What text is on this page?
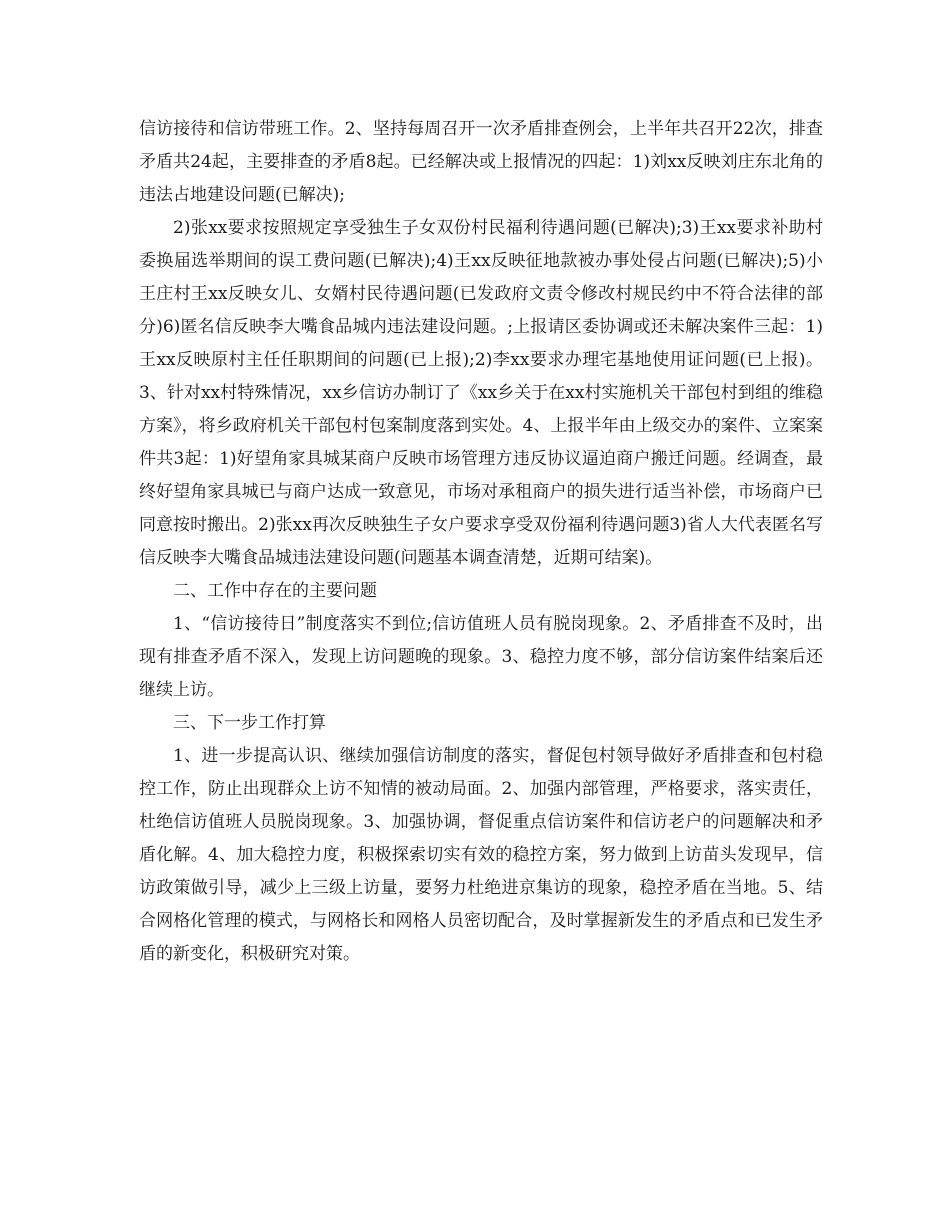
信访接待和信访带班工作。2、坚持每周召开一次矛盾排查例会，上半年共召开22次，排查矛盾共24起，主要排查的矛盾8起。已经解决或上报情况的四起：1)刘xx反映刘庄东北角的违法占地建设问题(已解决);

2)张xx要求按照规定享受独生子女双份村民福利待遇问题(已解决);3)王xx要求补助村委换届选举期间的误工费问题(已解决);4)王xx反映征地款被办事处侵占问题(已解决);5)小王庄村王xx反映女儿、女婿村民待遇问题(已发政府文责令修改村规民约中不符合法律的部分)6)匿名信反映李大嘴食品城内违法建设问题。;上报请区委协调或还未解决案件三起：1)王xx反映原村主任任职期间的问题(已上报);2)李xx要求办理宅基地使用证问题(已上报)。3、针对xx村特殊情况，xx乡信访办制订了《xx乡关于在xx村实施机关干部包村到组的维稳方案》，将乡政府机关干部包村包案制度落到实处。4、上报半年由上级交办的案件、立案案件共3起：1)好望角家具城某商户反映市场管理方违反协议逼迫商户搬迁问题。经调查，最终好望角家具城已与商户达成一致意见，市场对承租商户的损失进行适当补偿，市场商户已同意按时搬出。2)张xx再次反映独生子女户要求享受双份福利待遇问题3)省人大代表匿名写信反映李大嘴食品城违法建设问题(问题基本调查清楚，近期可结案)。

二、工作中存在的主要问题

1、“信访接待日”制度落实不到位;信访值班人员有脱岗现象。2、矛盾排查不及时，出现有排查矛盾不深入，发现上访问题晚的现象。3、稳控力度不够，部分信访案件结案后还继续上访。

三、下一步工作打算

1、进一步提高认识、继续加强信访制度的落实，督促包村领导做好矛盾排查和包村稳控工作，防止出现群众上访不知情的被动局面。2、加强内部管理，严格要求，落实责任，杜绝信访值班人员脱岗现象。3、加强协调，督促重点信访案件和信访老户的问题解决和矛盾化解。4、加大稳控力度，积极探索切实有效的稳控方案，努力做到上访苗头发现早，信访政策做引导，减少上三级上访量，要努力杜绝进京集访的现象，稳控矛盾在当地。5、结合网格化管理的模式，与网格长和网格人员密切配合，及时掌握新发生的矛盾点和已发生矛盾的新变化，积极研究对策。
